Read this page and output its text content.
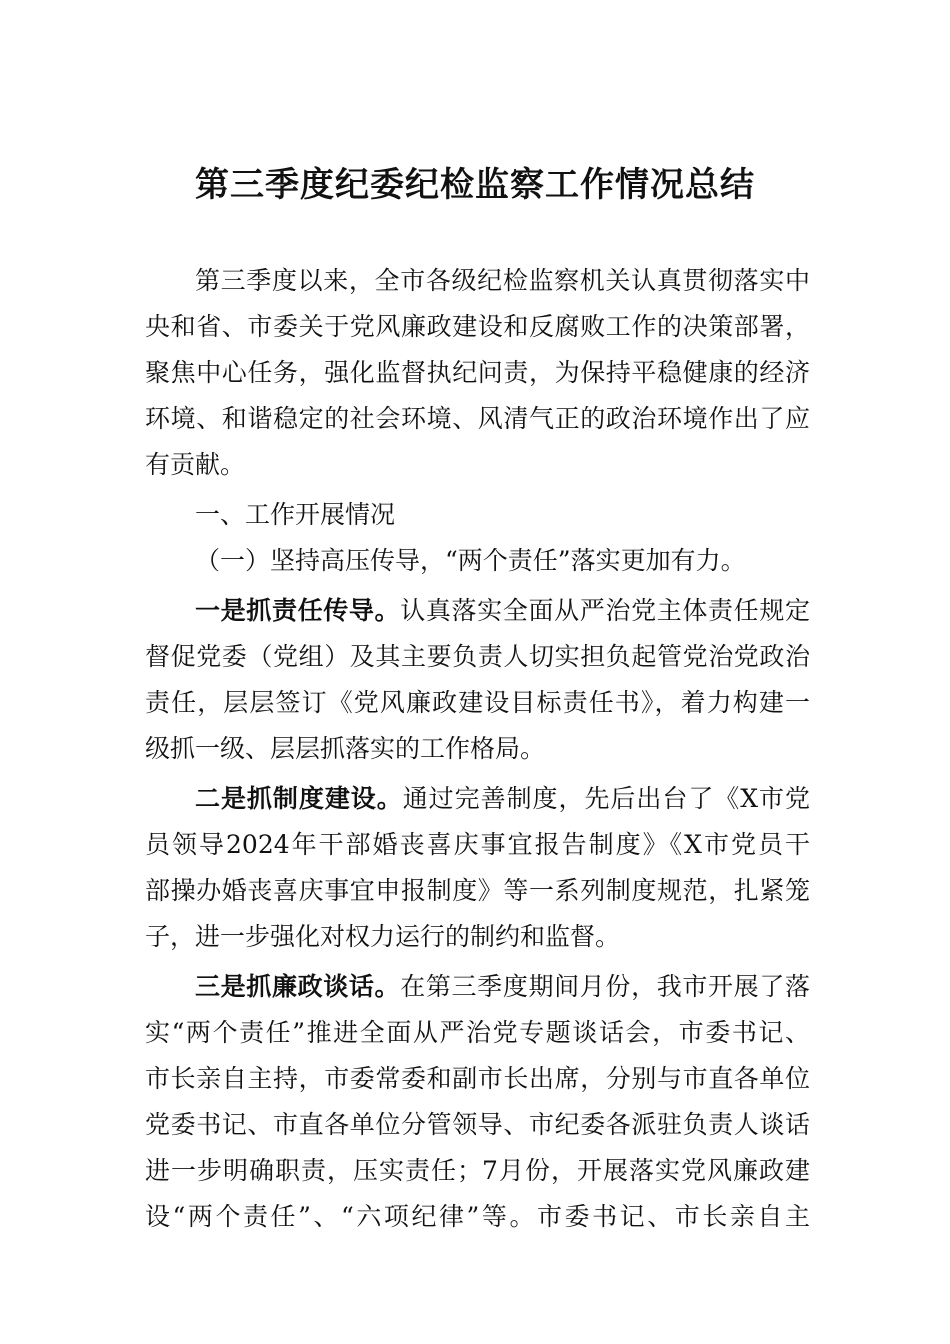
第三季度纪委纪检监察工作情况总结
第三季度以来，全市各级纪检监察机关认真贯彻落实中
央和省、市委关于党风廉政建设和反腐败工作的决策部署，
聚焦中心任务，强化监督执纪问责，为保持平稳健康的经济
环境、和谐稳定的社会环境、风清气正的政治环境作出了应
有贡献。
一、工作开展情况
（一）坚持高压传导，“两个责任”落实更加有力。
一是抓责任传导。认真落实全面从严治党主体责任规定
督促党委（党组）及其主要负责人切实担负起管党治党政治
责任，层层签订《党风廉政建设目标责任书》，着力构建一
级抓一级、层层抓落实的工作格局。
二是抓制度建设。通过完善制度，先后出台了《X市党
员领导2024年干部婚丧喜庆事宜报告制度》《X市党员干
部操办婚丧喜庆事宜申报制度》等一系列制度规范，扎紧笼
子，进一步强化对权力运行的制约和监督。
三是抓廉政谈话。在第三季度期间月份，我市开展了落
实“两个责任”推进全面从严治党专题谈话会，市委书记、
市长亲自主持，市委常委和副市长出席，分别与市直各单位
党委书记、市直各单位分管领导、市纪委各派驻负责人谈话
进一步明确职责，压实责任；7月份，开展落实党风廉政建
设“两个责任”、“六项纪律”等。市委书记、市长亲自主
